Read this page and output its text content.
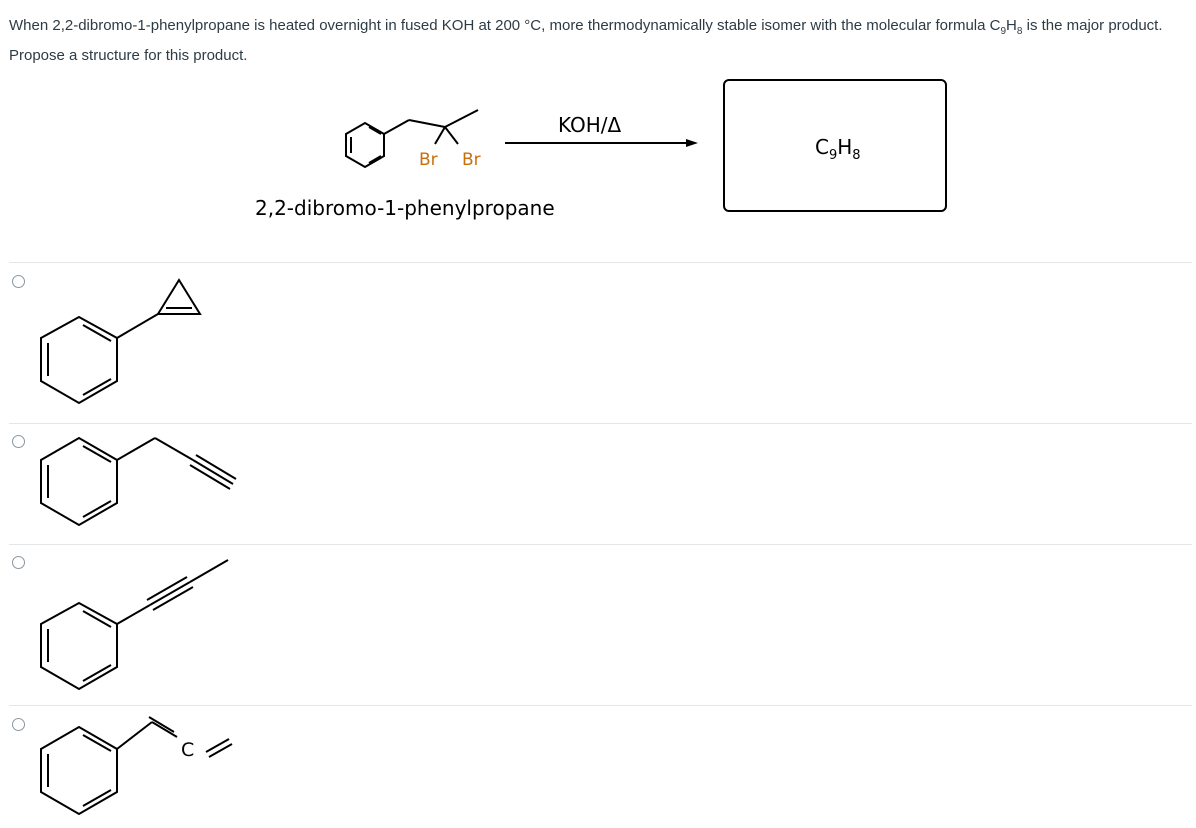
When 2,2-dibromo-1-phenylpropane is heated overnight in fused KOH at 200 °C, more thermodynamically stable isomer with the molecular formula $C_9H_8$ is the major product. Propose a structure for this product.
Br Br
2,2-dibromo-1-phenylpropane
KOH/Δ
$C_9H_8$
C
